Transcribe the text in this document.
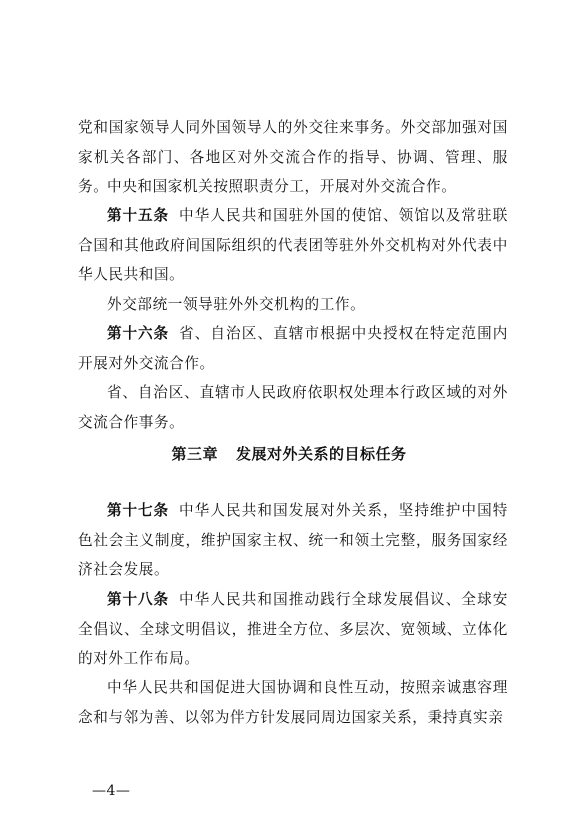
党和国家领导人同外国领导人的外交往来事务。外交部加强对国家机关各部门、各地区对外交流合作的指导、协调、管理、服务。

中央和国家机关按照职责分工，开展对外交流合作。

第十五条 中华人民共和国驻外国的使馆、领馆以及常驻联合国和其他政府间国际组织的代表团等驻外外交机构对外代表中华人民共和国。

外交部统一领导驻外外交机构的工作。

第十六条 省、自治区、直辖市根据中央授权在特定范围内开展对外交流合作。

省、自治区、直辖市人民政府依职权处理本行政区域的对外交流合作事务。

第三章 发展对外关系的目标任务

第十七条 中华人民共和国发展对外关系，坚持维护中国特色社会主义制度，维护国家主权、统一和领土完整，服务国家经济社会发展。

第十八条 中华人民共和国推动践行全球发展倡议、全球安全倡议、全球文明倡议，推进全方位、多层次、宽领域、立体化的对外工作布局。

中华人民共和国促进大国协调和良性互动，按照亲诚惠容理念和与邻为善、以邻为伴方针发展同周边国家关系，秉持真实亲

—4—
